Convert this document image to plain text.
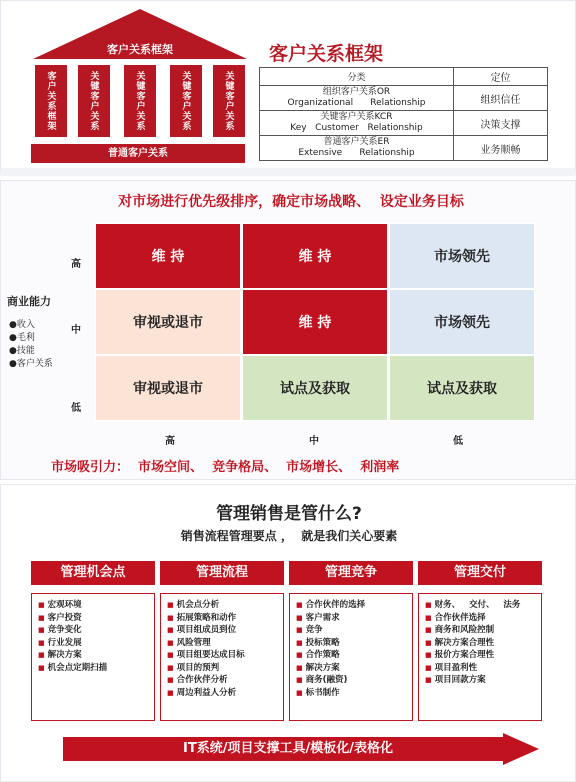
客户关系框架
客户关系框架	关键客户关系	关键客户关系	关键客户关系	关键客户关系
普通客户关系
客户关系框架
分类	定位

组织客户关系OR
Organizational      Relationship	组织信任

关键客户关系KCR
Key   Customer   Relationship	决策支撑

普通客户关系ER
Extensive      Relationship	业务顺畅
对市场进行优先级排序，确定市场战略、  设定业务目标
高
中
低
商业能力
●收入
●毛利
●技能
●客户关系
维 持	维 持	市场领先
审视或退市	维 持	市场领先
审视或退市	试点及获取	试点及获取
高	中	低
市场吸引力：  市场空间、  竞争格局、  市场增长、  利润率
管理销售是管什么?
销售流程管理要点 ，  就是我们关心要素
管理机会点	管理流程	管理竞争	管理交付
■ 宏观环境
■ 客户投资
■ 竞争变化
■ 行业发展
■ 解决方案
■ 机会点定期扫描
■ 机会点分析
■ 拓展策略和动作
■ 项目组成员到位
■ 风险管理
■ 项目组要达成目标
■ 项目的预判
■ 合作伙伴分析
■ 周边利益人分析
■ 合作伙伴的选择
■ 客户需求
■ 竞争
■ 投标策略
■ 合作策略
■ 解决方案
■ 商务(融资)
■ 标书制作
■ 财务、   交付、   法务
■ 合作伙伴选择
■ 商务和风险控制
■ 解决方案合理性
■ 报价方案合理性
■ 项目盈利性
■ 项目回款方案
IT系统/项目支撑工具/模板化/表格化
